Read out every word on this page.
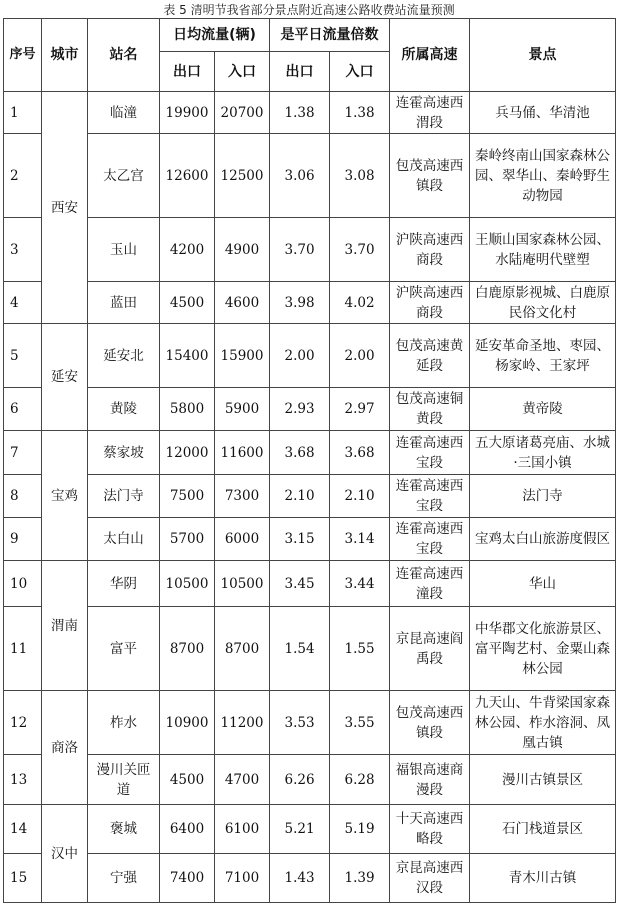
表 5 清明节我省部分景点附近高速公路收费站流量预测
序号	城市	站名	日均流量(辆)		是平日流量倍数		所属高速	景点
			出口	入口	出口	入口		
1	西安	临潼	19900	20700	1.38	1.38	连霍高速西渭段	兵马俑、华清池
2		太乙宫	12600	12500	3.06	3.08	包茂高速西镇段	秦岭终南山国家森林公园、翠华山、秦岭野生动物园
3		玉山	4200	4900	3.70	3.70	沪陕高速西商段	王顺山国家森林公园、水陆庵明代壁塑
4		蓝田	4500	4600	3.98	4.02	沪陕高速西商段	白鹿原影视城、白鹿原民俗文化村
5	延安	延安北	15400	15900	2.00	2.00	包茂高速黄延段	延安革命圣地、枣园、杨家岭、王家坪
6		黄陵	5800	5900	2.93	2.97	包茂高速铜黄段	黄帝陵
7	宝鸡	蔡家坡	12000	11600	3.68	3.68	连霍高速西宝段	五大原诸葛亮庙、水城·三国小镇
8		法门寺	7500	7300	2.10	2.10	连霍高速西宝段	法门寺
9		太白山	5700	6000	3.15	3.14	连霍高速西宝段	宝鸡太白山旅游度假区
10	渭南	华阴	10500	10500	3.45	3.44	连霍高速西潼段	华山
11		富平	8700	8700	1.54	1.55	京昆高速阎禹段	中华郡文化旅游景区、富平陶艺村、金粟山森林公园
12	商洛	柞水	10900	11200	3.53	3.55	包茂高速西镇段	九天山、牛背梁国家森林公园、柞水溶洞、凤凰古镇
13		漫川关匝道	4500	4700	6.26	6.28	福银高速商漫段	漫川古镇景区
14	汉中	褒城	6400	6100	5.21	5.19	十天高速西略段	石门栈道景区
15		宁强	7400	7100	1.43	1.39	京昆高速西汉段	青木川古镇
